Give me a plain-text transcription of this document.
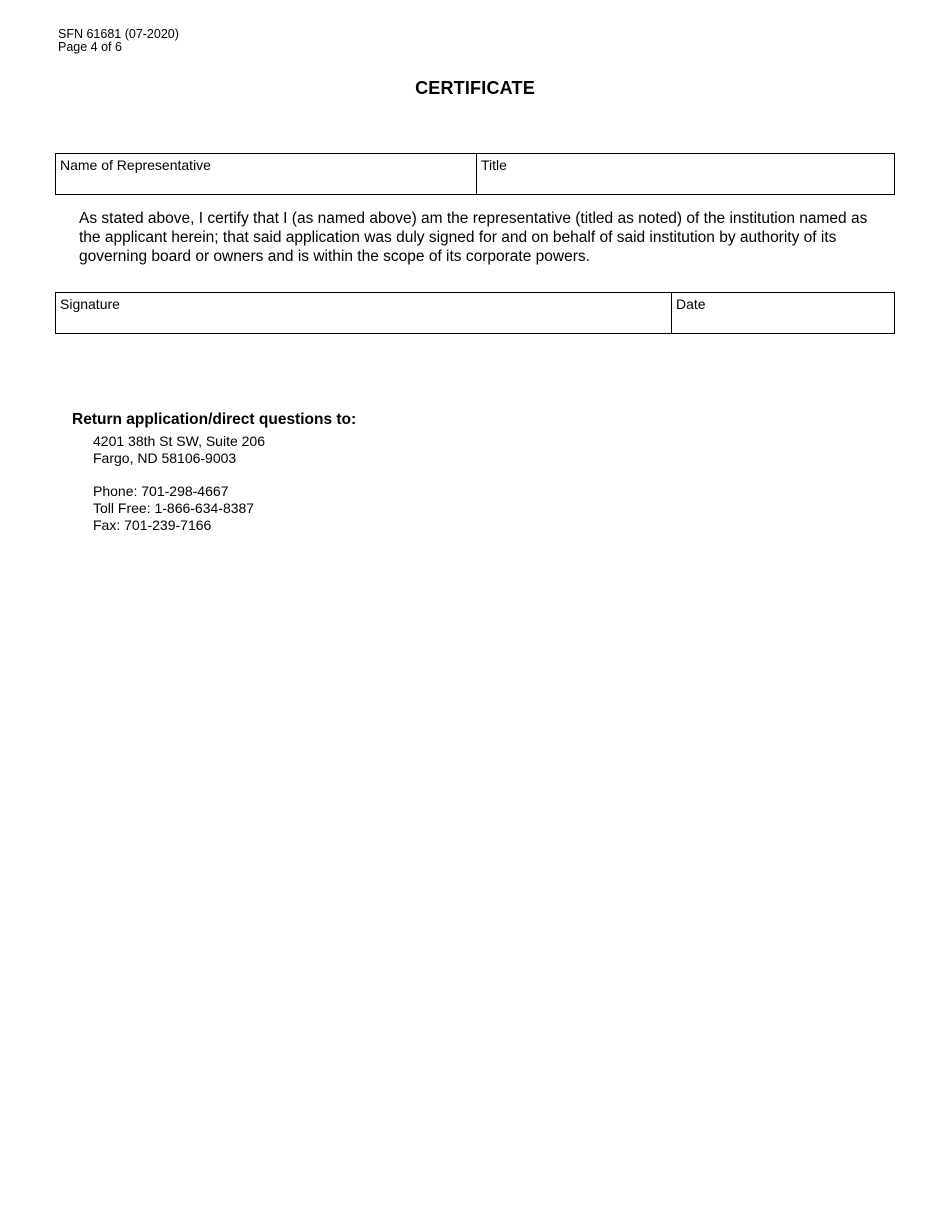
SFN 61681 (07-2020)
Page 4 of 6
CERTIFICATE
Name of Representative	Title
As stated above, I certify that I (as named above) am the representative (titled as noted) of the institution named as the applicant herein; that said application was duly signed for and on behalf of said institution by authority of its governing board or owners and is within the scope of its corporate powers.
Signature	Date
Return application/direct questions to:
4201 38th St SW, Suite 206
Fargo, ND 58106-9003
Phone: 701-298-4667
Toll Free: 1-866-634-8387
Fax: 701-239-7166
